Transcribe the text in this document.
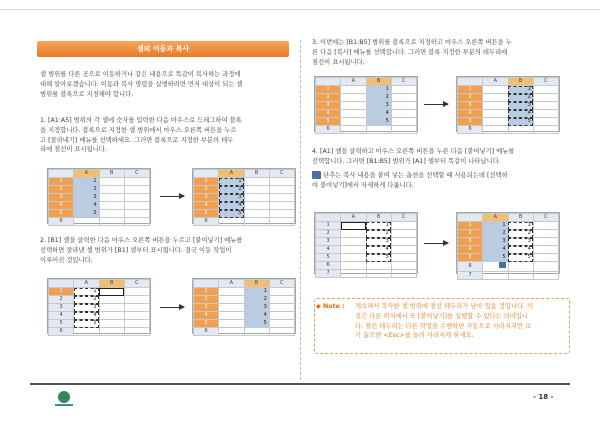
셀의 이동과 복사
셀 범위를 다른 곳으로 이동하거나 같은 내용으로 똑같이 복사하는 과정에
대해 알아보겠습니다. 이동과 복사 명령을 실행하려면 먼저 대상이 되는 셀
범위를 블록으로 지정해야 합니다.
1. [A1:A5] 범위의 각 셀에 숫자를 입력한 다음 마우스로 드래그하여 블록
을 지정합니다. 블록으로 지정한 셀 범위에서 마우스 오른쪽 버튼을 누르
고 [잘라내기] 메뉴를 선택하세요. 그러면 블록으로 지정한 부분의 테두
리에 점선이 표시됩니다.
	A	B	C
1	1		
2	2		
3	3		
4	4		
5	5		
6			
	A	B	C
1	1		
2	2		
3	3		
4	4		
5	5		
6			
2. [B1] 셀을 클릭한 다음 마우스 오른쪽 버튼을 누르고 [붙여넣기] 메뉴를
선택하면 잘라낸 셀 범위가 [B1] 셀부터 표시됩니다. 결국 이동 작업이
이루어진 것입니다.
	A	B	C
1	1		
2	2		
3	3		
4	4		
5	5		
6			
	A	B	C
1		1	
2		2	
3		3	
4		4	
5		5	
6			
3. 이번에는 [B1:B5] 범위를 블록으로 지정하고 마우스 오른쪽 버튼을 누
른 다음 [복사] 메뉴를 선택합니다. 그러면 블록 지정한 부분의 테두리에
점선이 표시됩니다.
	A	B	C
1		1	
2		2	
3		3	
4		4	
5		5	
6			
	A	B	C
1		1	
2		2	
3		3	
4		4	
5		5	
6			
4. [A1] 셀을 클릭하고 마우스 오른쪽 버튼을 누른 다음 [붙여넣기] 메뉴를
선택합니다. 그러면 [B1:B5] 범위가 [A1] 셀부터 똑같이 나타납니다.
단추는 복사 내용을 붙여 넣는 옵션을 선택할 때 사용되는데 [선택하
여 붙여넣기]에서 자세하게 다룹니다.
	A	B	C
1		1	
2		2	
3		3	
4		4	
5		5	
6			
7			
	A	B	C
1	1	1	
2	2	2	
3	3	3	
4	4	4	
5	5	5	
6			
7			
◆ Note : 계속해서 복사한 셀 범위에 점선 테두리가 남아 있을 것입니다. 이
것은 다른 위치에서 또 [붙여넣기]를 실행할 수 있다는 의미입니
다. 점선 테두리는 다른 작업을 수행하면 자동으로 사라지지만 보
기 싫으면 <Esc>를 눌러 사라지게 하세요.
- 18 -
